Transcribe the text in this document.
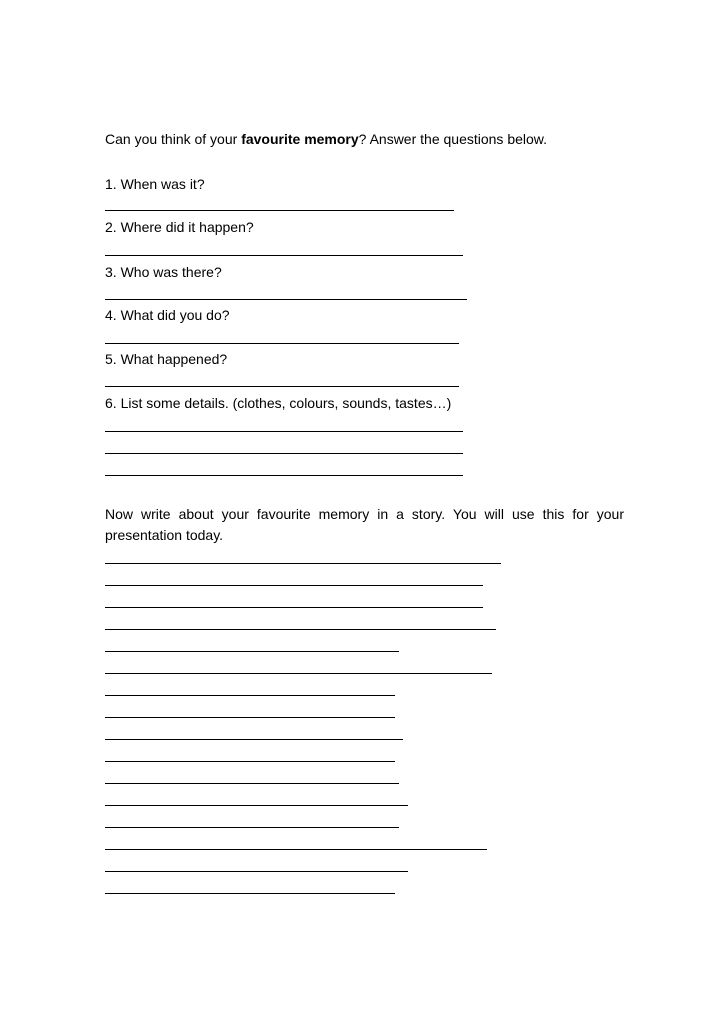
Can you think of your favourite memory? Answer the questions below.
1. When was it?
2. Where did it happen?
3. Who was there?
4. What did you do?
5. What happened?
6. List some details. (clothes, colours, sounds, tastes…)
Now write about your favourite memory in a story. You will use this for your presentation today.
